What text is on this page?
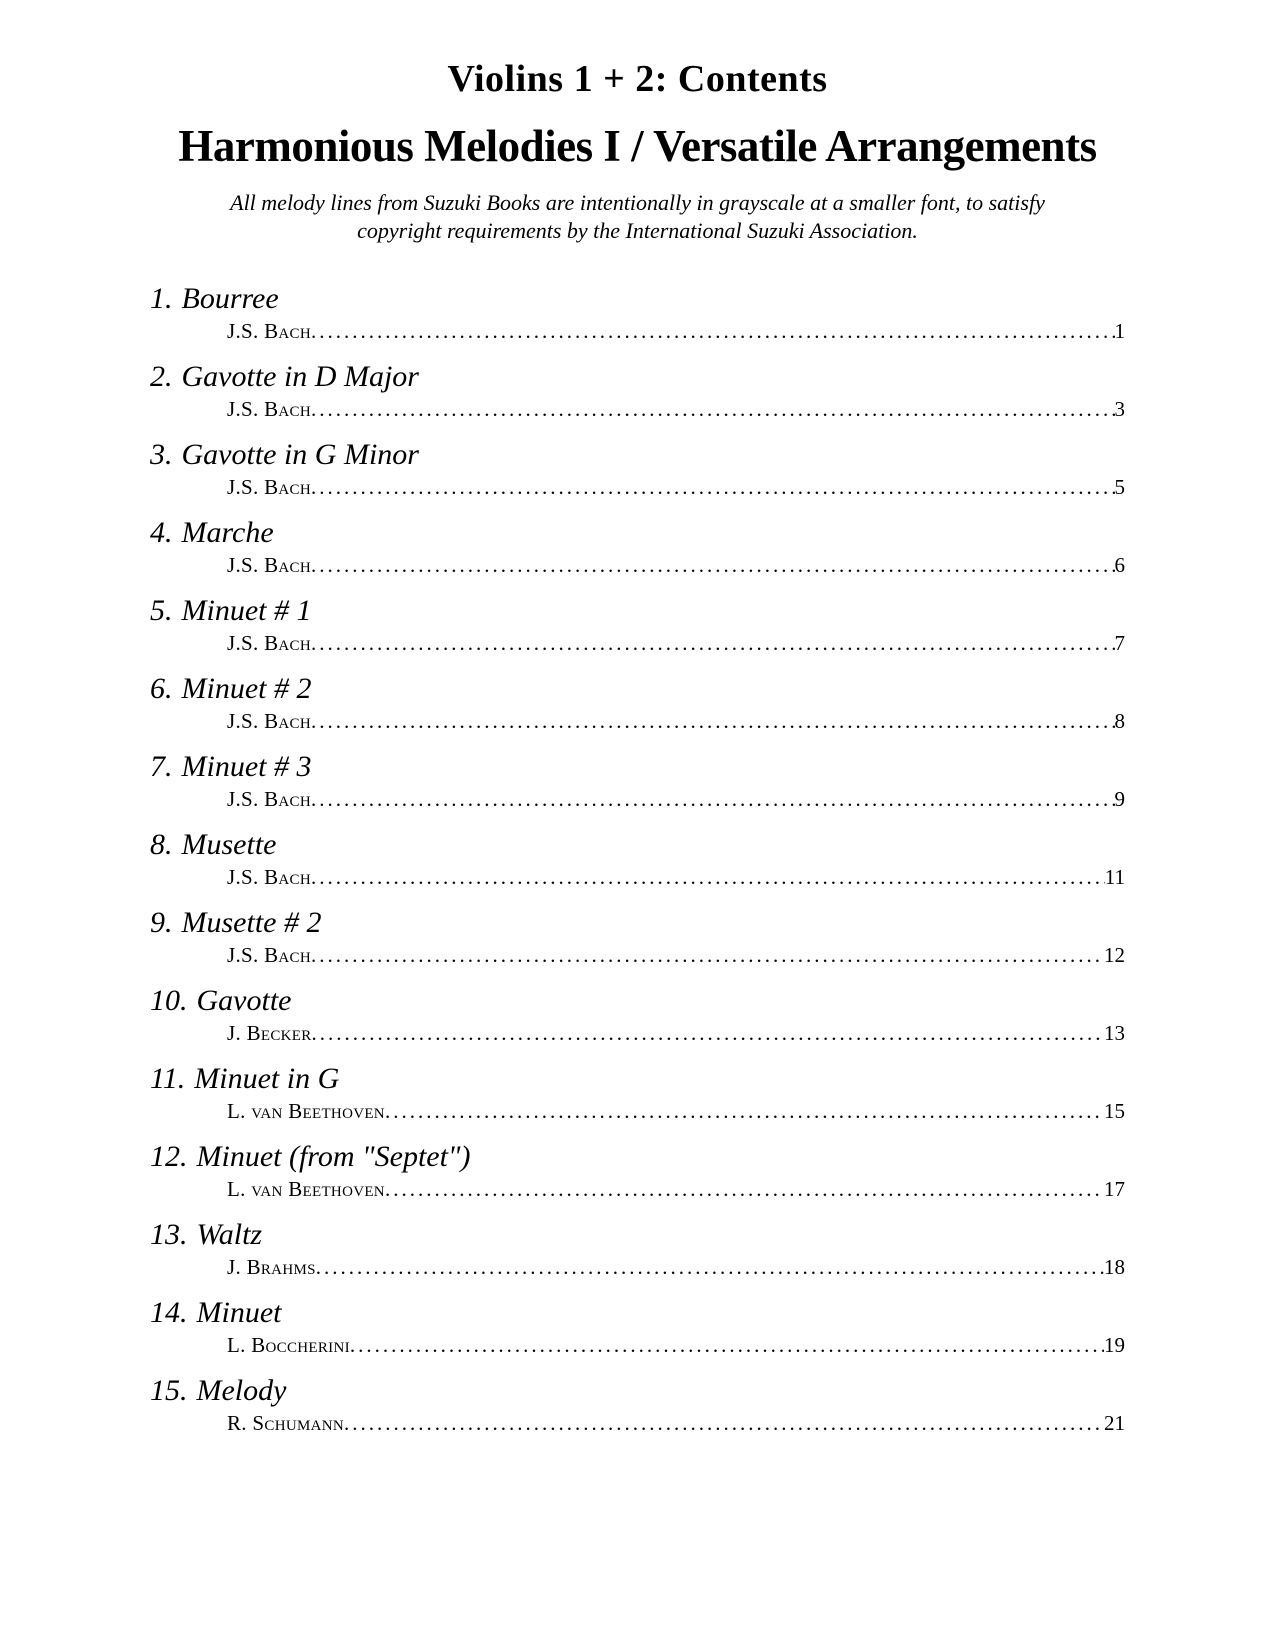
Violins 1 + 2: Contents
Harmonious Melodies I / Versatile Arrangements
All melody lines from Suzuki Books are intentionally in grayscale at a smaller font, to satisfy
copyright requirements by the International Suzuki Association.
1. Bourree
J.S. Bach .....	1
2. Gavotte in D Major
J.S. Bach .....	3
3. Gavotte in G Minor
J.S. Bach .....	5
4. Marche
J.S. Bach .....	6
5. Minuet # 1
J.S. Bach .....	7
6. Minuet # 2
J.S. Bach .....	8
7. Minuet # 3
J.S. Bach .....	9
8. Musette
J.S. Bach .....	11
9. Musette # 2
J.S. Bach .....	12
10. Gavotte
J. Becker .....	13
11. Minuet in G
L. van Beethoven .....	15
12. Minuet (from "Septet")
L. van Beethoven .....	17
13. Waltz
J. Brahms .....	18
14. Minuet
L. Boccherini .....	19
15. Melody
R. Schumann .....	21
